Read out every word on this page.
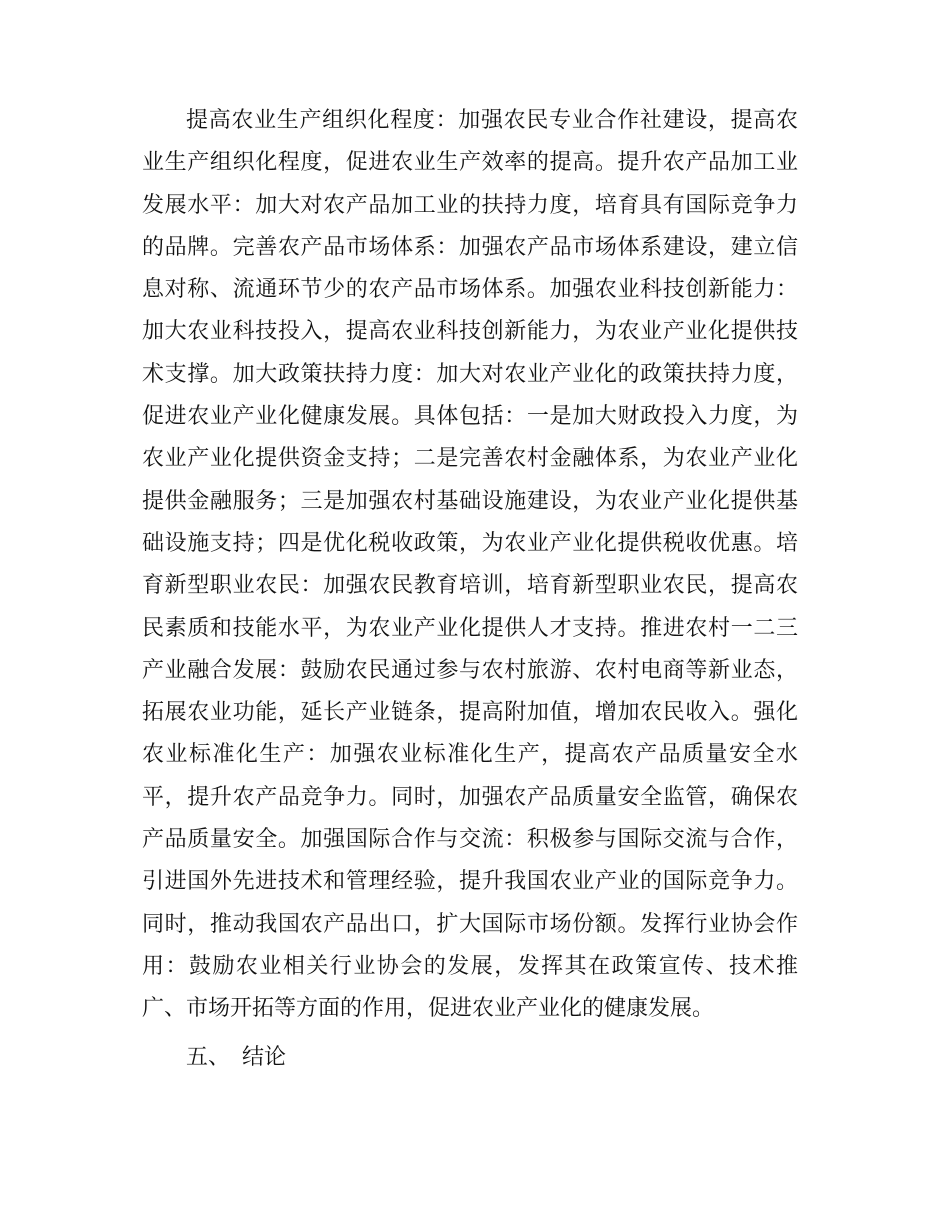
提高农业生产组织化程度：加强农民专业合作社建设，提高农业生产组织化程度，促进农业生产效率的提高。提升农产品加工业发展水平：加大对农产品加工业的扶持力度，培育具有国际竞争力的品牌。完善农产品市场体系：加强农产品市场体系建设，建立信息对称、流通环节少的农产品市场体系。加强农业科技创新能力：加大农业科技投入，提高农业科技创新能力，为农业产业化提供技术支撑。加大政策扶持力度：加大对农业产业化的政策扶持力度，促进农业产业化健康发展。具体包括：一是加大财政投入力度，为农业产业化提供资金支持；二是完善农村金融体系，为农业产业化提供金融服务；三是加强农村基础设施建设，为农业产业化提供基础设施支持；四是优化税收政策，为农业产业化提供税收优惠。培育新型职业农民：加强农民教育培训，培育新型职业农民，提高农民素质和技能水平，为农业产业化提供人才支持。推进农村一二三产业融合发展：鼓励农民通过参与农村旅游、农村电商等新业态，拓展农业功能，延长产业链条，提高附加值，增加农民收入。强化农业标准化生产：加强农业标准化生产，提高农产品质量安全水平，提升农产品竞争力。同时，加强农产品质量安全监管，确保农产品质量安全。加强国际合作与交流：积极参与国际交流与合作，引进国外先进技术和管理经验，提升我国农业产业的国际竞争力。同时，推动我国农产品出口，扩大国际市场份额。发挥行业协会作用：鼓励农业相关行业协会的发展，发挥其在政策宣传、技术推广、市场开拓等方面的作用，促进农业产业化的健康发展。

五、 结论
